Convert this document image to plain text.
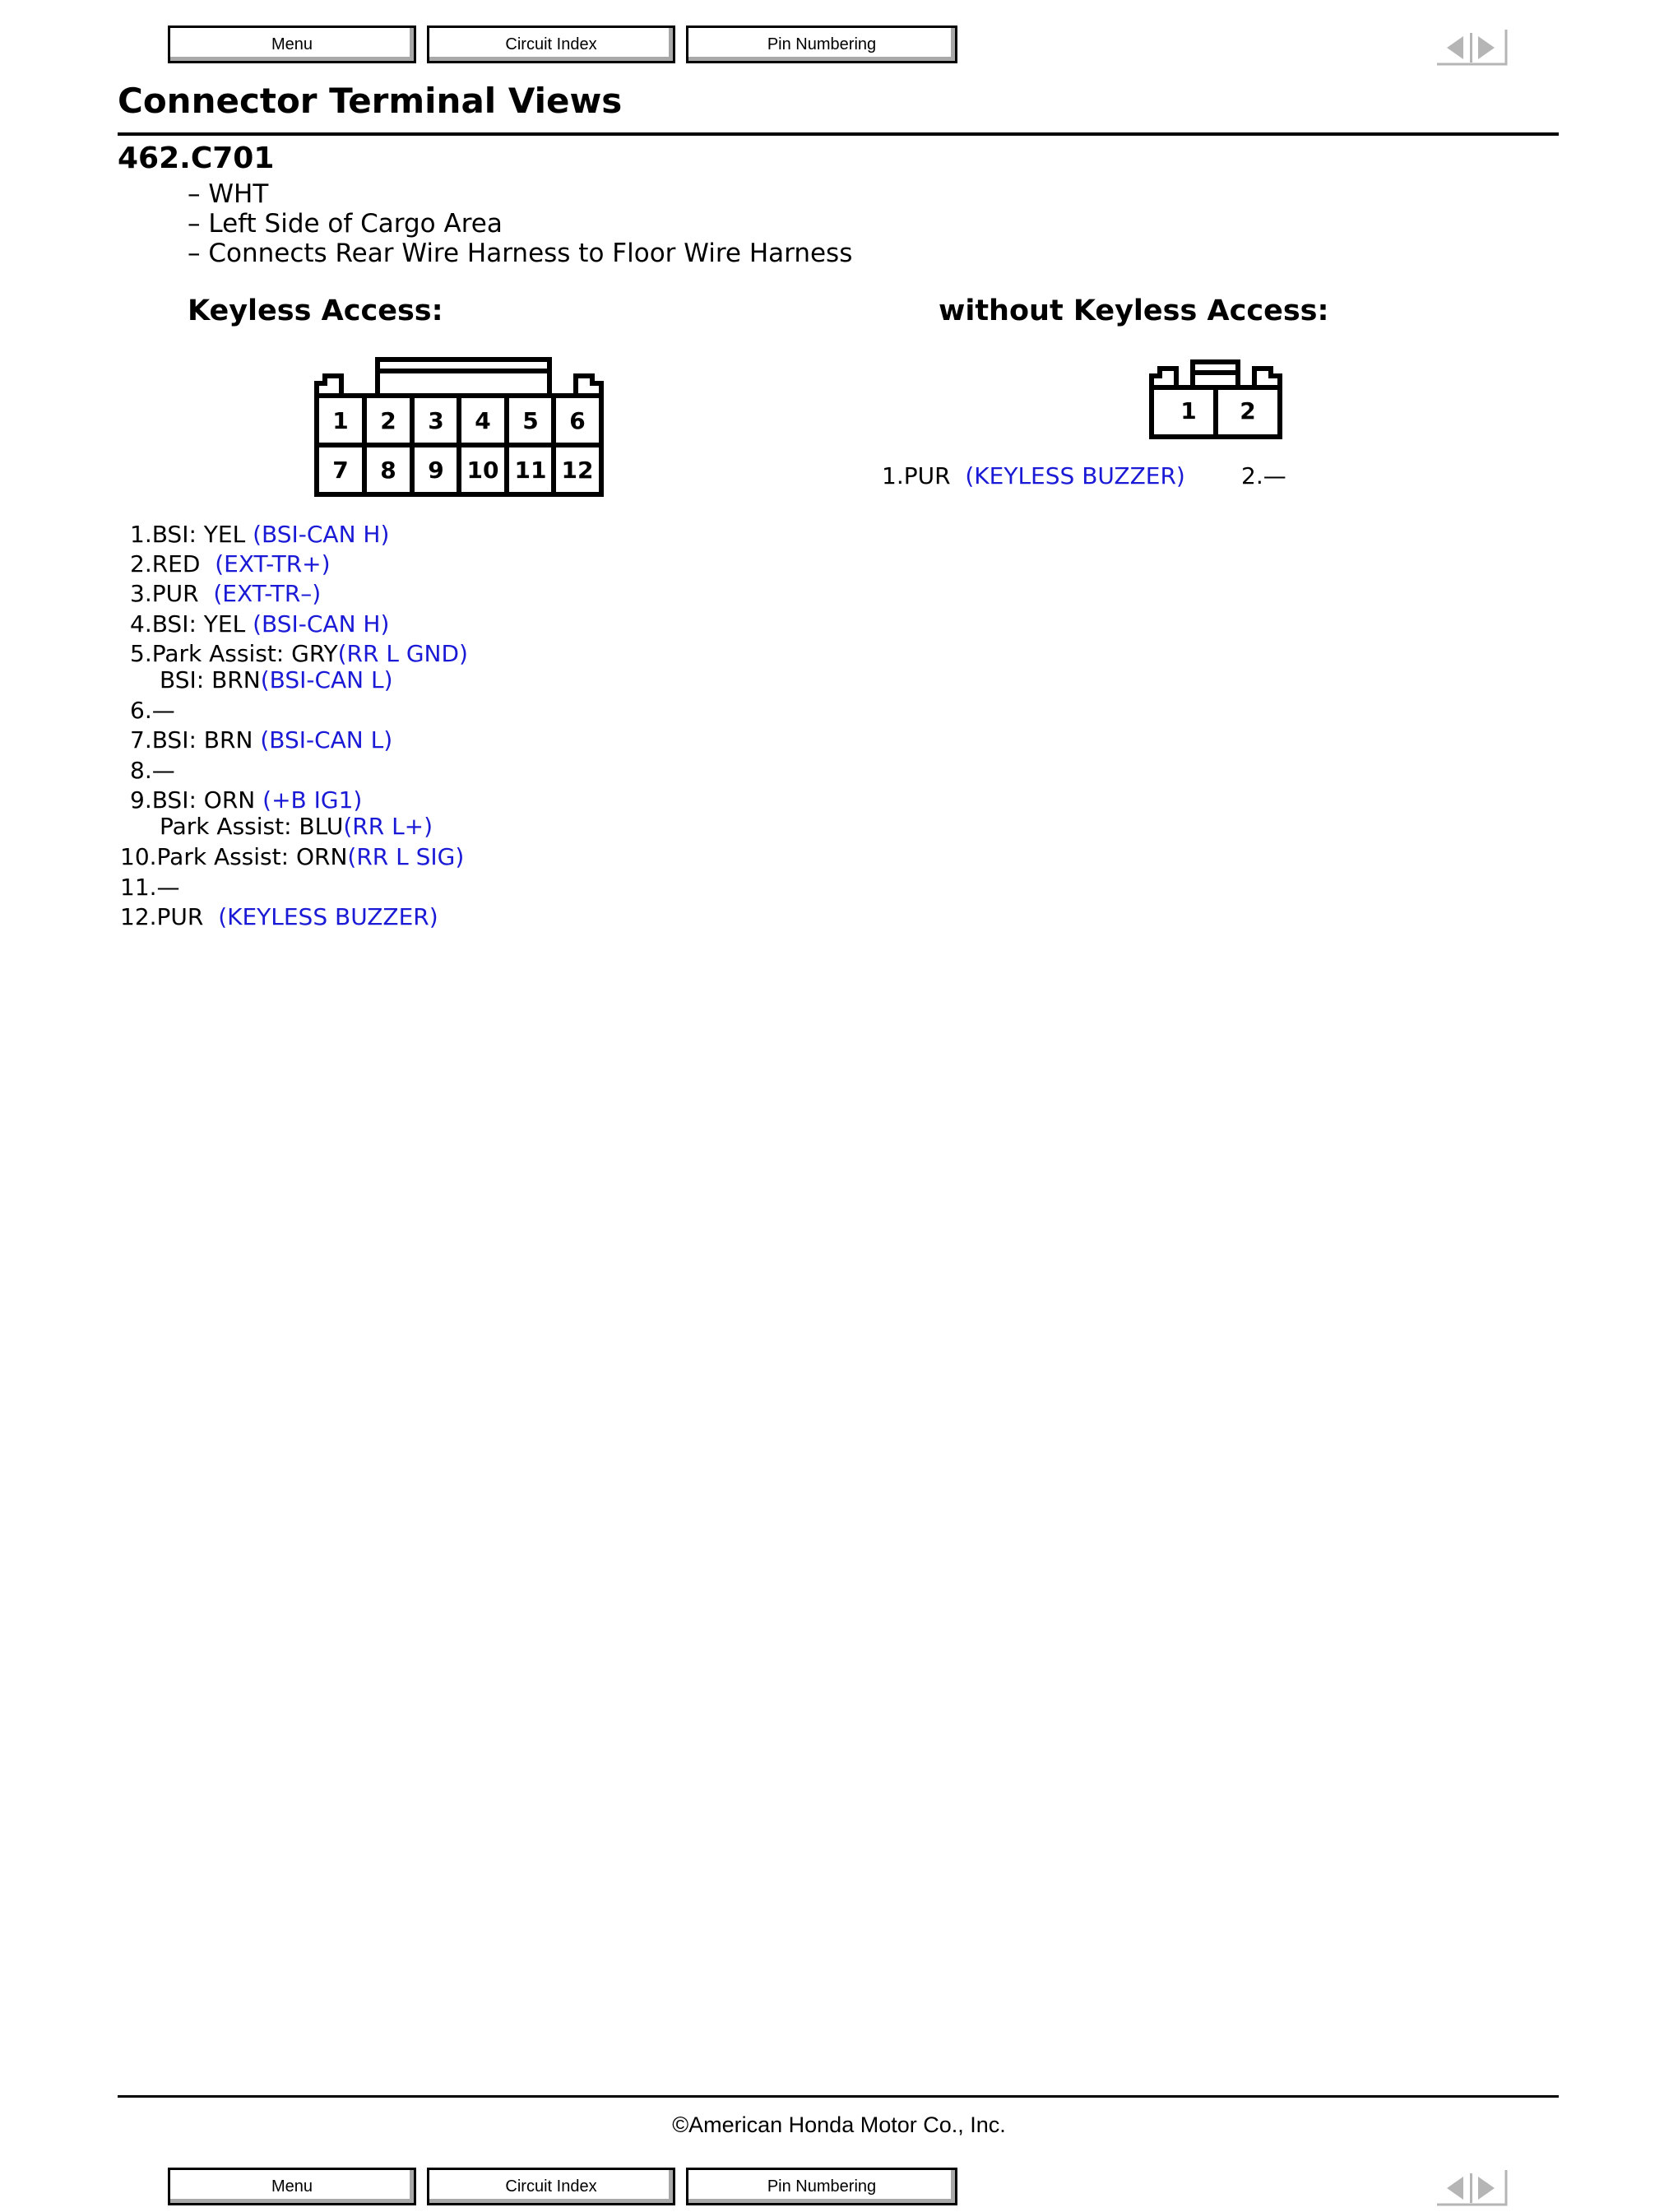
Menu	Circuit Index	Pin Numbering
Connector Terminal Views
462.C701
– WHT
– Left Side of Cargo Area
– Connects Rear Wire Harness to Floor Wire Harness
Keyless Access:
1 2 3 4 5 6
7 8 9 10 11 12
1.BSI: YEL (BSI-CAN H)
2.RED (EXT-TR+)
3.PUR (EXT-TR–)
4.BSI: YEL (BSI-CAN H)
5.Park Assist: GRY(RR L GND)
BSI: BRN(BSI-CAN L)
6.—
7.BSI: BRN (BSI-CAN L)
8.—
9.BSI: ORN (+B IG1)
Park Assist: BLU(RR L+)
10.Park Assist: ORN(RR L SIG)
11.—
12.PUR (KEYLESS BUZZER)
without Keyless Access:
1 2
1.PUR (KEYLESS BUZZER) 2.—
©American Honda Motor Co., Inc.
Menu	Circuit Index	Pin Numbering
